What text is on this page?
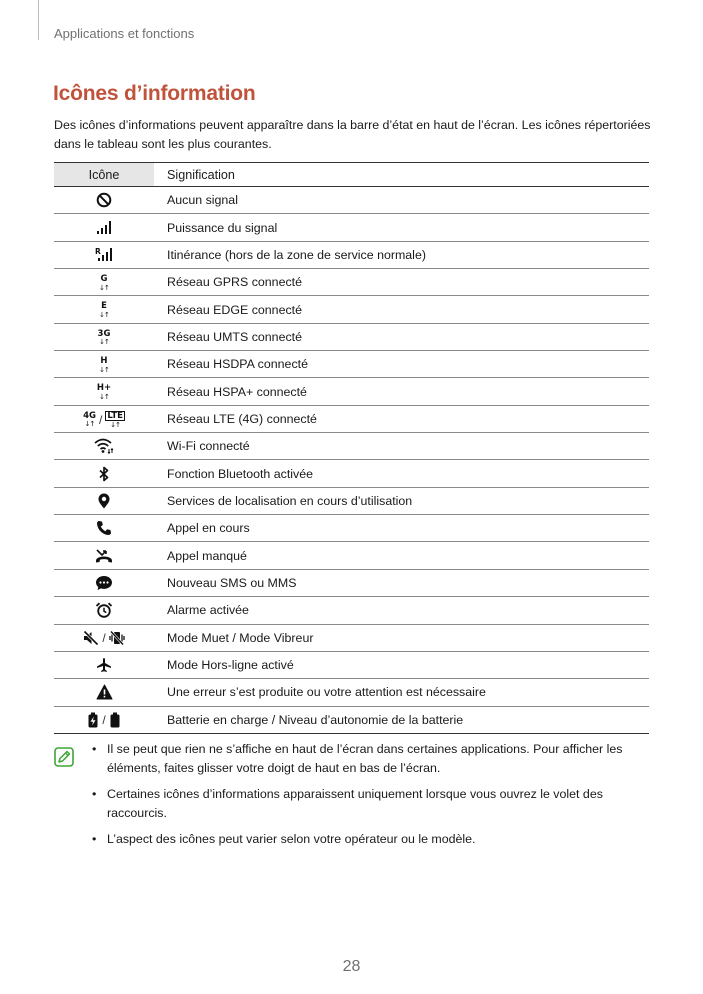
Applications et fonctions
Icônes d’information

Des icônes d’informations peuvent apparaître dans la barre d’état en haut de l’écran. Les icônes répertoriées dans le tableau sont les plus courantes.

Icône	Signification

	Aucun signal

	Puissance du signal

R	Itinérance (hors de la zone de service normale)

G
↓↑	Réseau GPRS connecté

E
↓↑	Réseau EDGE connecté

3G
↓↑	Réseau UMTS connecté

H
↓↑	Réseau HSDPA connecté

H+
↓↑	Réseau HSPA+ connecté

4G
↓↑ / LTE
↓↑	Réseau LTE (4G) connecté

	Wi-Fi connecté

	Fonction Bluetooth activée

	Services de localisation en cours d’utilisation

	Appel en cours

	Appel manqué

	Nouveau SMS ou MMS

	Alarme activée

/	Mode Muet / Mode Vibreur

	Mode Hors-ligne activé

	Une erreur s’est produite ou votre attention est nécessaire

/	Batterie en charge / Niveau d’autonomie de la batterie
• Il se peut que rien ne s’affiche en haut de l’écran dans certaines applications. Pour afficher les éléments, faites glisser votre doigt de haut en bas de l’écran.
• Certaines icônes d’informations apparaissent uniquement lorsque vous ouvrez le volet des raccourcis.
• L’aspect des icônes peut varier selon votre opérateur ou le modèle.
28
